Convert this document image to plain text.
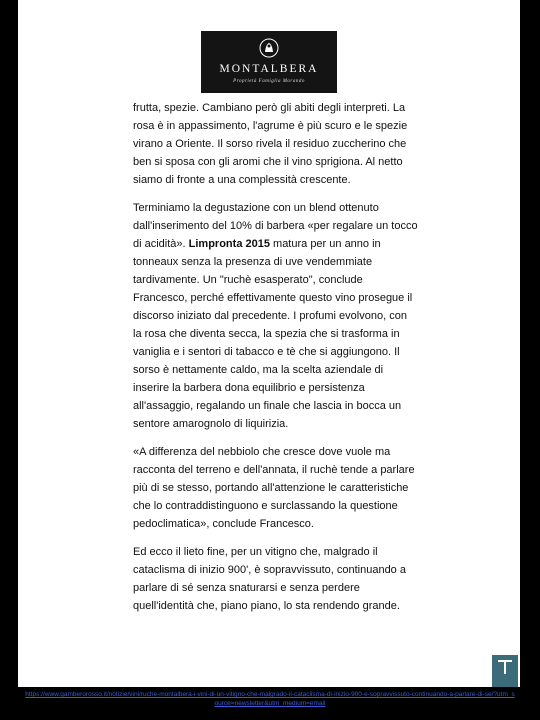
MONTALBERA
Proprietà Famiglia Morando

frutta, spezie. Cambiano però gli abiti degli interpreti. La rosa è in appassimento, l'agrume è più scuro e le spezie virano a Oriente. Il sorso rivela il residuo zuccherino che ben si sposa con gli aromi che il vino sprigiona. Al netto siamo di fronte a una complessità crescente.

Terminiamo la degustazione con un blend ottenuto dall'inserimento del 10% di barbera «per regalare un tocco di acidità». Limpronta 2015 matura per un anno in tonneaux senza la presenza di uve vendemmiate tardivamente. Un "ruchè esasperato", conclude Francesco, perché effettivamente questo vino prosegue il discorso iniziato dal precedente. I profumi evolvono, con la rosa che diventa secca, la spezia che si trasforma in vaniglia e i sentori di tabacco e tè che si aggiungono. Il sorso è nettamente caldo, ma la scelta aziendale di inserire la barbera dona equilibrio e persistenza all'assaggio, regalando un finale che lascia in bocca un sentore amarognolo di liquirizia.

«A differenza del nebbiolo che cresce dove vuole ma racconta del terreno e dell'annata, il ruchè tende a parlare più di se stesso, portando all'attenzione le caratteristiche che lo contraddistinguono e surclassando la questione pedoclimatica», conclude Francesco.

Ed ecco il lieto fine, per un vitigno che, malgrado il cataclisma di inizio 900', è sopravvissuto, continuando a parlare di sé senza snaturarsi e senza perdere quell'identità che, piano piano, lo sta rendendo grande.

https://www.gamberorosso.it/notizie/vini/ruche-montalbera-i-vini-di-un-vitigno-che-malgrado-il-cataclisma-di-inizio-900-e-sopravvissuto-continuando-a-parlare-di-se/?utm_source=newsletter&utm_medium=email
